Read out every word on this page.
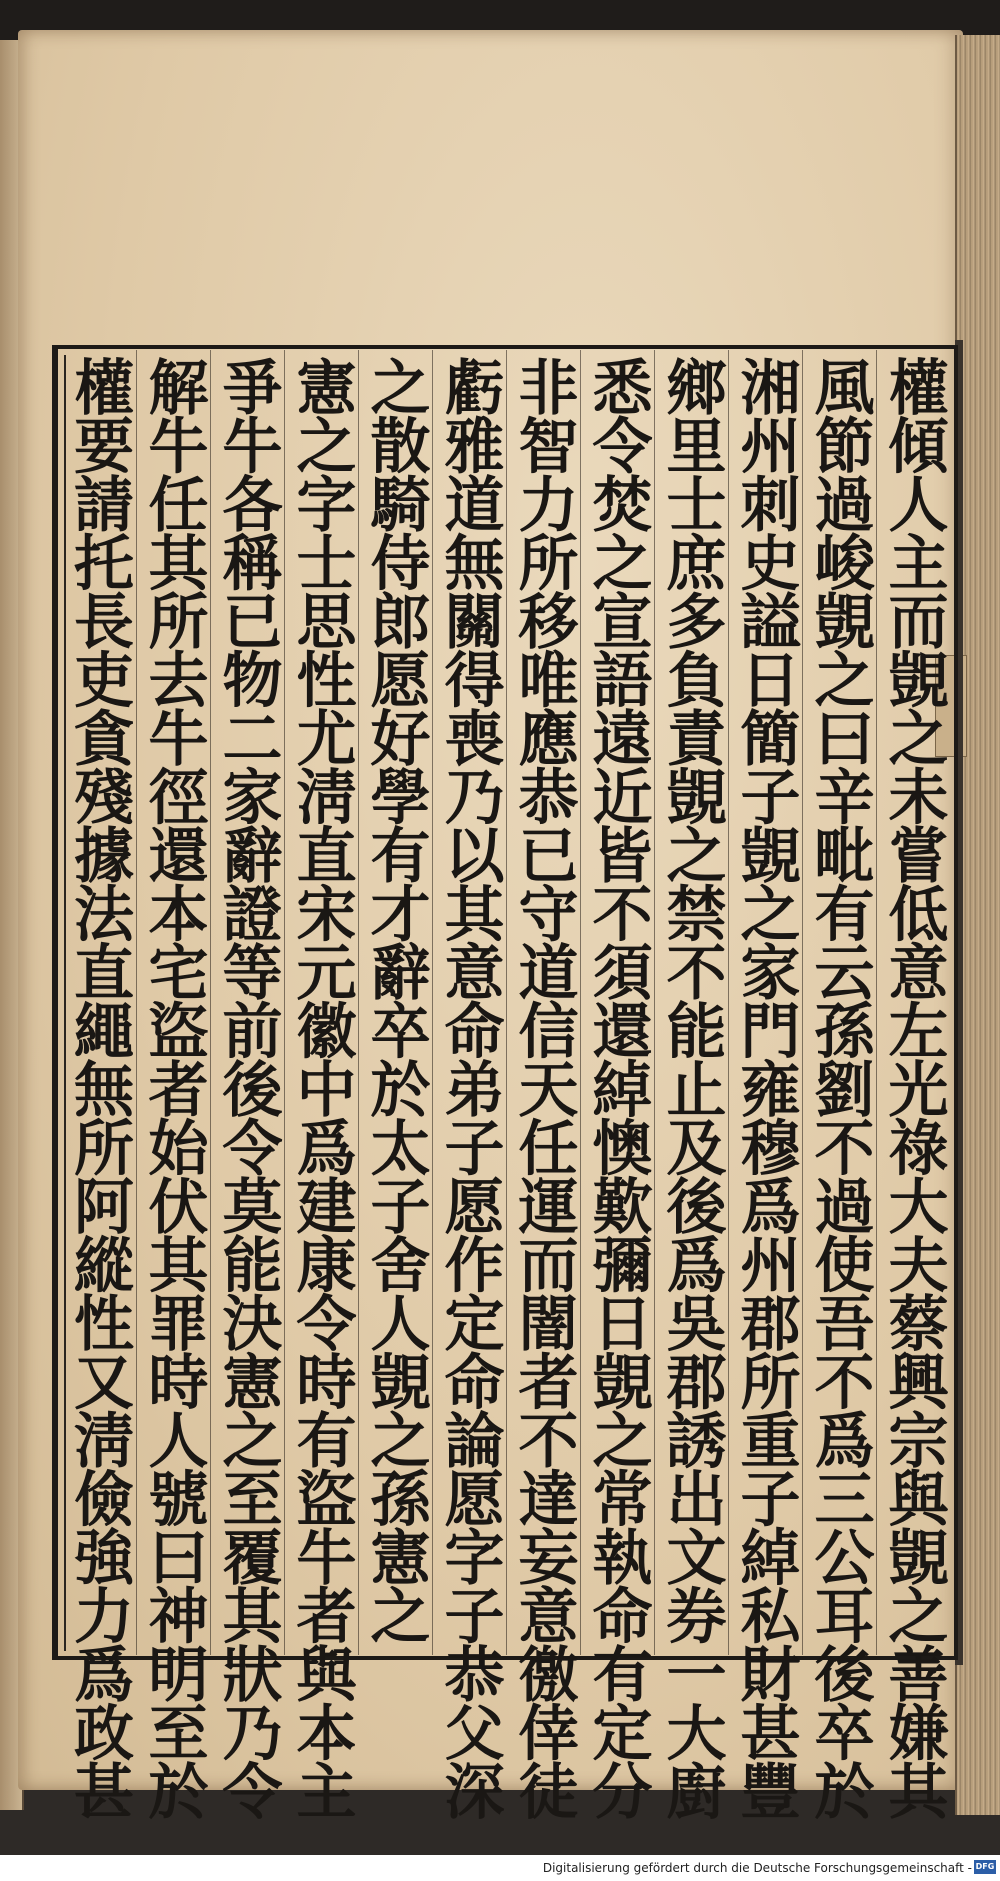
權傾人主而覬之未嘗低意左光祿大夫蔡興宗與覬之善嫌其
風節過峻覬之曰辛毗有云孫劉不過使吾不爲三公耳後卒於
湘州刺史謚日簡子覬之家門雍穆爲州郡所重子綽私財甚豐
鄉里士庶多負責覬之禁不能止及後爲吳郡誘出文券一大廚
悉令焚之宣語遠近皆不須還綽懊歎彌日覬之常執命有定分
非智力所移唯應恭已守道信天任運而闇者不達妄意徼倖徒
虧雅道無關得喪乃以其意命弟子愿作定命論愿字子恭父深
之散騎侍郎愿好學有才辭卒於太子舍人覬之孫憲之
憲之字士思性尤淸直宋元徽中爲建康令時有盜牛者與本主
爭牛各稱已物二家辭證等前後令莫能決憲之至覆其狀乃令
解牛任其所去牛徑還本宅盜者始伏其罪時人號曰神明至於
權要請托長吏貪殘據法直繩無所阿縱性又淸儉強力爲政甚
Digitalisierung gefördert durch die Deutsche Forschungsgemeinschaft - DFG
